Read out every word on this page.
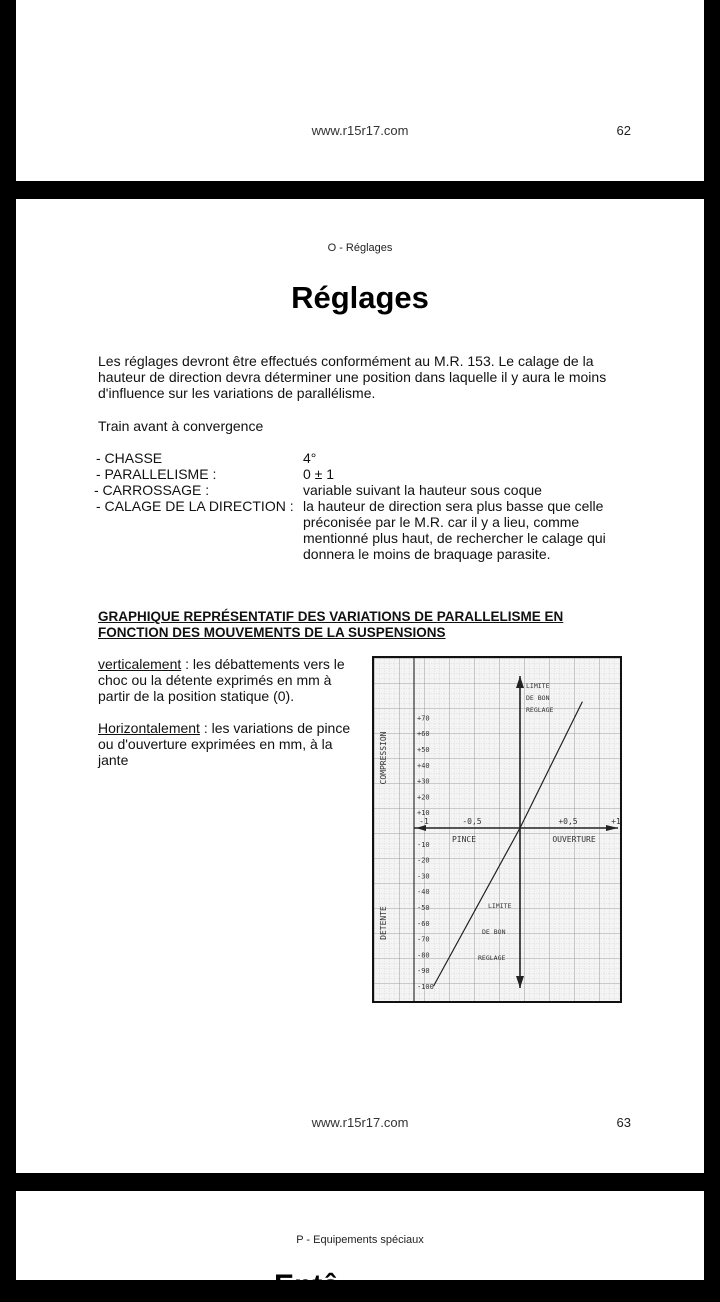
www.r15r17.com	62
O - Réglages
Réglages
Les réglages devront être effectués conformément au M.R. 153. Le calage de la hauteur de direction devra déterminer une position dans laquelle il y aura le moins d'influence sur les variations de parallélisme.
Train avant à convergence
- CHASSE	4°
- PARALLELISME :	0 ± 1
- CARROSSAGE :	variable suivant la hauteur sous coque
- CALAGE DE LA DIRECTION : la hauteur de direction sera plus basse que celle préconisée par le M.R. car il y a lieu, comme mentionné plus haut, de rechercher le calage qui donnera le moins de braquage parasite.
GRAPHIQUE REPRÉSENTATIF DES VARIATIONS DE PARALLELISME EN FONCTION DES MOUVEMENTS DE LA SUSPENSIONS

verticalement : les débattements vers le choc ou la détente exprimés en mm à partir de la position statique (0).

Horizontalement : les variations de pince ou d'ouverture exprimées en mm, à la jante

+70
+60
+50
+40
+30
+20
+10
-10
-20
-30
-40
-50
-60
-70
-80
-90
-100
-1	-0,5	+0,5	+1
PINCE	OUVERTURE
COMPRESSION
DETENTE
LIMITE
DE BON
REGLAGE
LIMITE
DE BON
REGLAGE
www.r15r17.com	63
P - Equipements spéciaux
Entâ
